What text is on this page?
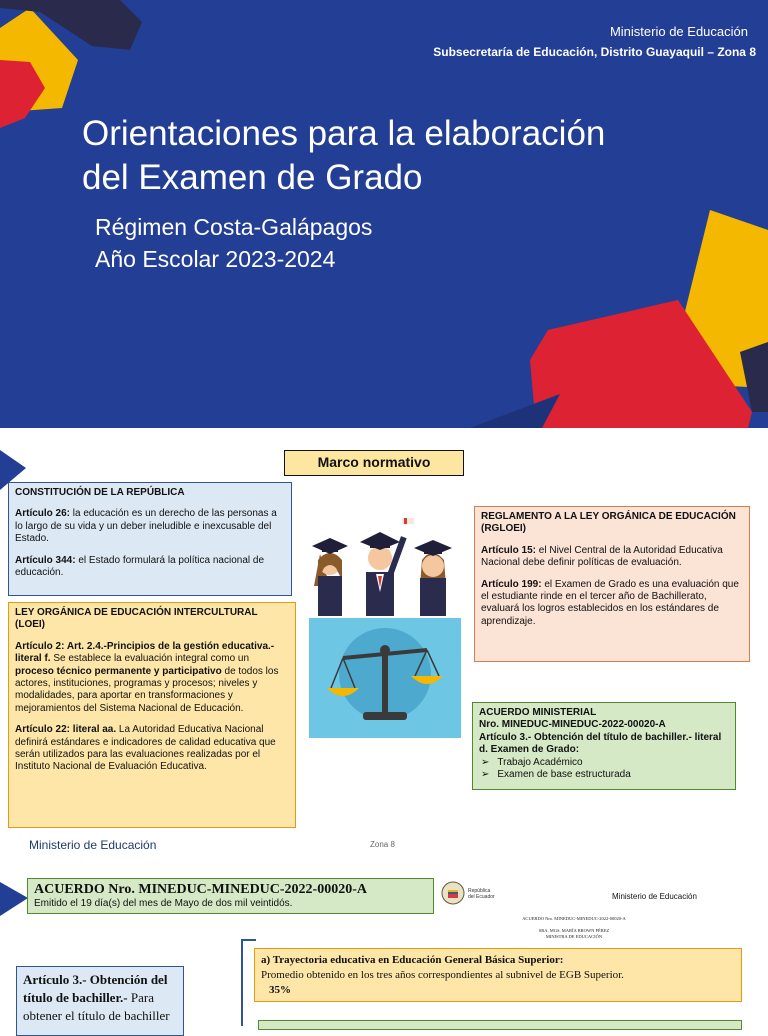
Ministerio de Educación
Subsecretaría de Educación, Distrito Guayaquil – Zona 8
Orientaciones para la elaboración
del Examen de Grado
Régimen Costa-Galápagos
Año Escolar 2023-2024
Marco normativo

CONSTITUCIÓN DE LA REPÚBLICA

Artículo 26: la educación es un derecho de las personas a lo largo de su vida y un deber ineludible e inexcusable del Estado.

Artículo 344: el Estado formulará la política nacional de educación.

LEY ORGÁNICA DE EDUCACIÓN INTERCULTURAL (LOEI)

Artículo 2: Art. 2.4.-Principios de la gestión educativa.- literal f. Se establece la evaluación integral como un proceso técnico permanente y participativo de todos los actores, instituciones, programas y procesos; niveles y modalidades, para aportar en transformaciones y mejoramientos del Sistema Nacional de Educación.

Artículo 22: literal aa. La Autoridad Educativa Nacional definirá estándares e indicadores de calidad educativa que serán utilizados para las evaluaciones realizadas por el Instituto Nacional de Evaluación Educativa.

REGLAMENTO A LA LEY ORGÁNICA DE EDUCACIÓN (RGLOEI)

Artículo 15: el Nivel Central de la Autoridad Educativa Nacional debe definir políticas de evaluación.

Artículo 199: el Examen de Grado es una evaluación que el estudiante rinde en el tercer año de Bachillerato, evaluará los logros establecidos en los estándares de aprendizaje.

ACUERDO MINISTERIAL
Nro. MINEDUC-MINEDUC-2022-00020-A
Artículo 3.- Obtención del título de bachiller.- literal d. Examen de Grado:
➢ Trabajo Académico
➢ Examen de base estructurada
Ministerio de Educación	Zona 8
ACUERDO Nro. MINEDUC-MINEDUC-2022-00020-A
Emitido el 19 día(s) del mes de Mayo de dos mil veintidós.
República
del Ecuador	Ministerio de Educación
ACUERDO Nro. MINEDUC-MINEDUC-2022-00020-A
SRA. MGS. MARÍA BROWN PÉREZ
MINISTRA DE EDUCACIÓN
Artículo 3.- Obtención del título de bachiller.- Para obtener el título de bachiller
a) Trayectoria educativa en Educación General Básica Superior:
Promedio obtenido en los tres años correspondientes al subnivel de EGB Superior.
35%
